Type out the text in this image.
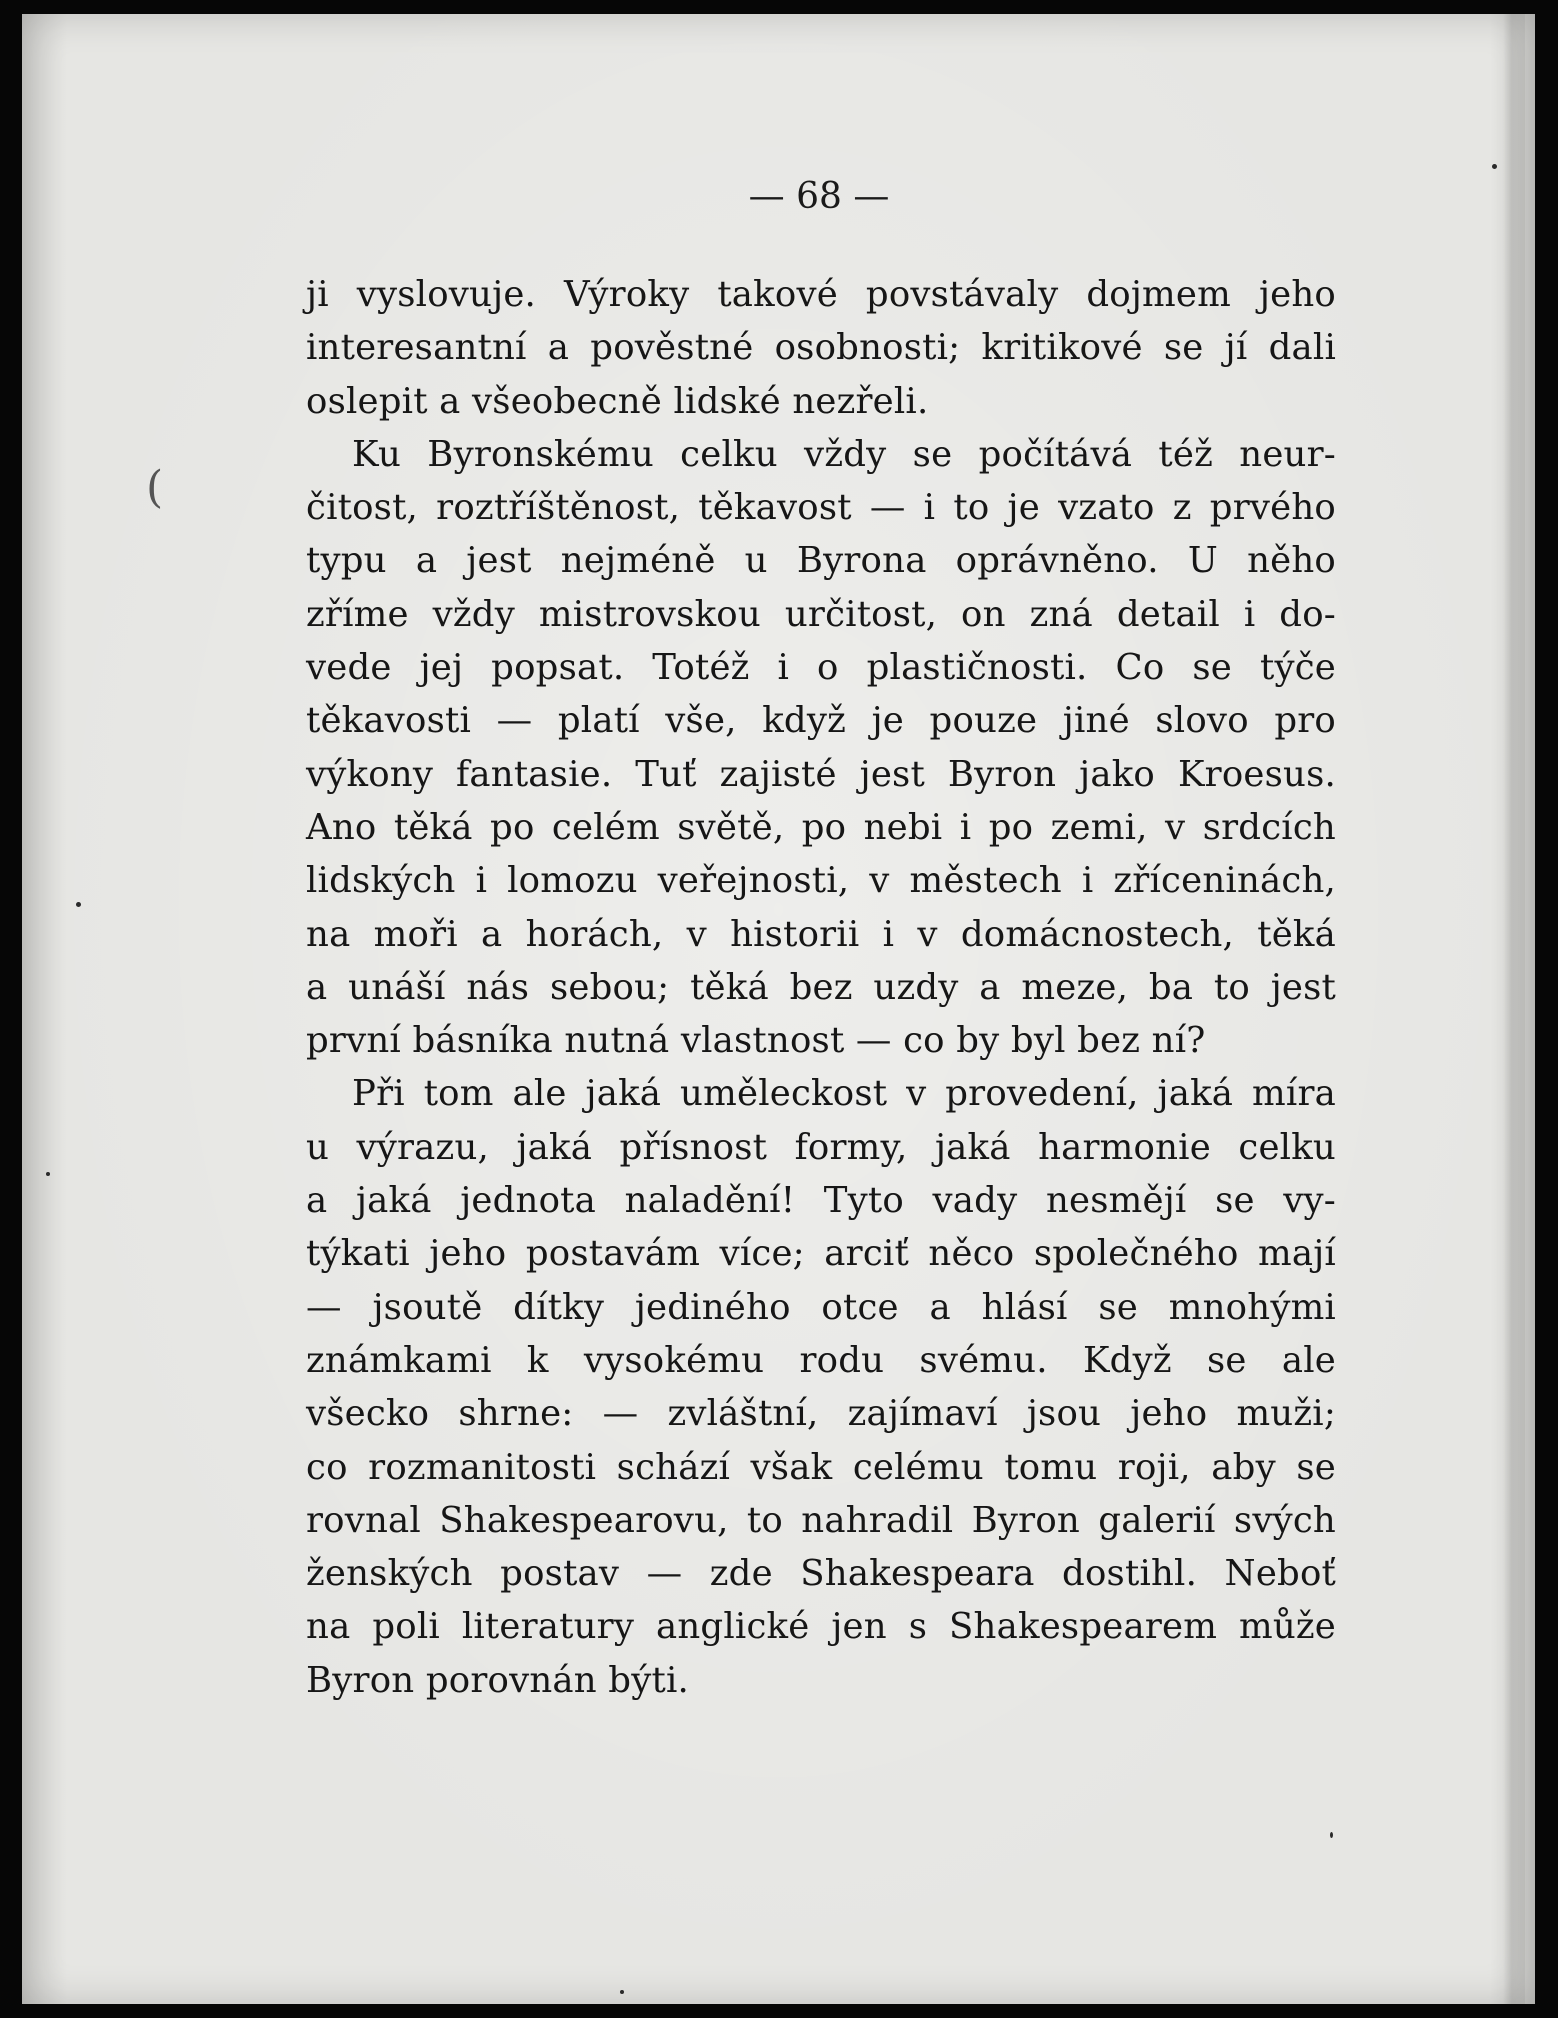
— 68 —
ji vyslovuje. Výroky takové povstávaly dojmem jeho
interesantní a pověstné osobnosti; kritikové se jí dali
oslepit a všeobecně lidské nezřeli.
Ku Byronskému celku vždy se počítává též neur-
čitost, roztříštěnost, těkavost — i to je vzato z prvého
typu a jest nejméně u Byrona oprávněno. U něho
zříme vždy mistrovskou určitost, on zná detail i do-
vede jej popsat. Totéž i o plastičnosti. Co se týče
těkavosti — platí vše, když je pouze jiné slovo pro
výkony fantasie. Tuť zajisté jest Byron jako Kroesus.
Ano těká po celém světě, po nebi i po zemi, v srdcích
lidských i lomozu veřejnosti, v městech i zříceninách,
na moři a horách, v historii i v domácnostech, těká
a unáší nás sebou; těká bez uzdy a meze, ba to jest
první básníka nutná vlastnost — co by byl bez ní?
Při tom ale jaká uměleckost v provedení, jaká míra
u výrazu, jaká přísnost formy, jaká harmonie celku
a jaká jednota naladění! Tyto vady nesmějí se vy-
týkati jeho postavám více; arciť něco společného mají
— jsoutě dítky jediného otce a hlásí se mnohými
známkami k vysokému rodu svému. Když se ale
všecko shrne: — zvláštní, zajímaví jsou jeho muži;
co rozmanitosti schází však celému tomu roji, aby se
rovnal Shakespearovu, to nahradil Byron galerií svých
ženských postav — zde Shakespeara dostihl. Neboť
na poli literatury anglické jen s Shakespearem může
Byron porovnán býti.
(
